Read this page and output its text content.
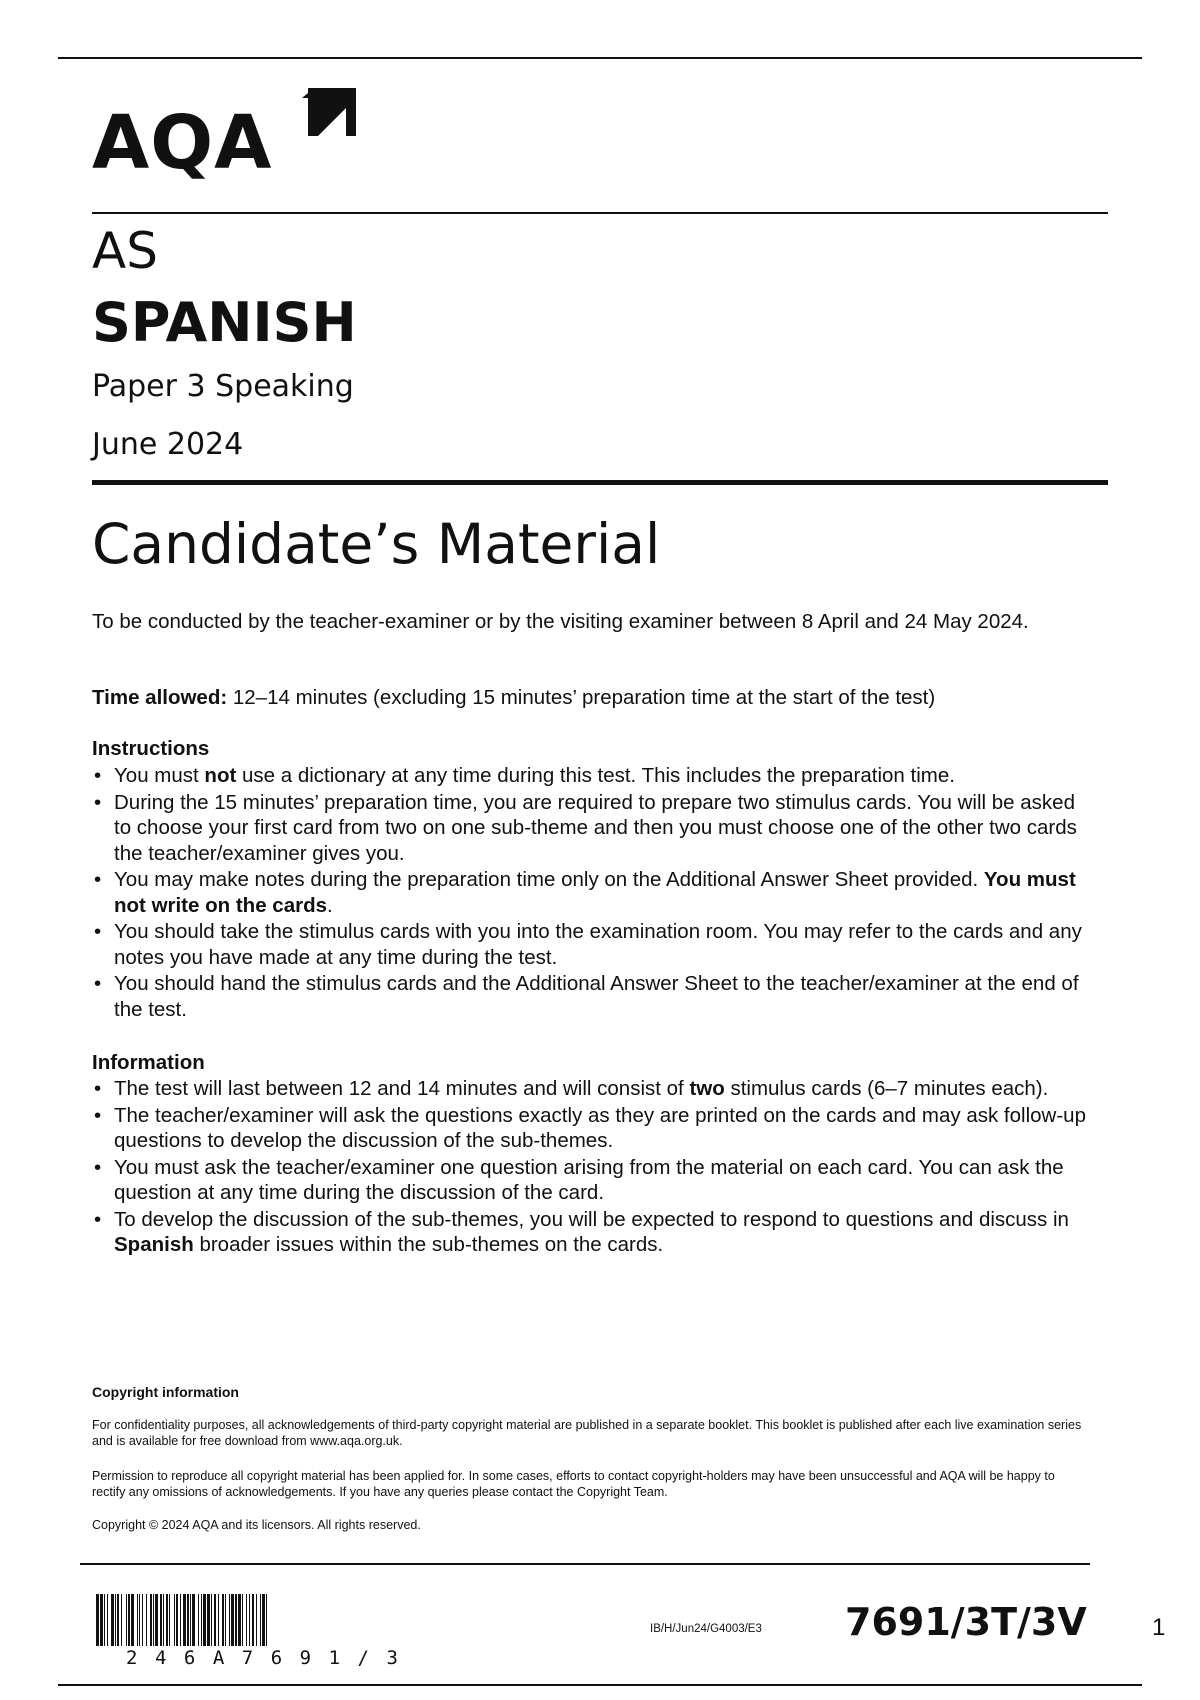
AQA
AS
SPANISH
Paper 3 Speaking
June 2024
Candidate’s Material
To be conducted by the teacher-examiner or by the visiting examiner between 8 April and 24 May 2024.
Time allowed: 12–14 minutes (excluding 15 minutes’ preparation time at the start of the test)
Instructions
• You must not use a dictionary at any time during this test. This includes the preparation time.
• During the 15 minutes’ preparation time, you are required to prepare two stimulus cards. You will be asked to choose your first card from two on one sub-theme and then you must choose one of the other two cards the teacher/examiner gives you.
• You may make notes during the preparation time only on the Additional Answer Sheet provided. You must not write on the cards.
• You should take the stimulus cards with you into the examination room. You may refer to the cards and any notes you have made at any time during the test.
• You should hand the stimulus cards and the Additional Answer Sheet to the teacher/examiner at the end of the test.
Information
• The test will last between 12 and 14 minutes and will consist of two stimulus cards (6–7 minutes each).
• The teacher/examiner will ask the questions exactly as they are printed on the cards and may ask follow-up questions to develop the discussion of the sub-themes.
• You must ask the teacher/examiner one question arising from the material on each card. You can ask the question at any time during the discussion of the card.
• To develop the discussion of the sub-themes, you will be expected to respond to questions and discuss in Spanish broader issues within the sub-themes on the cards.
Copyright information
For confidentiality purposes, all acknowledgements of third-party copyright material are published in a separate booklet. This booklet is published after each live examination series and is available for free download from www.aqa.org.uk.
Permission to reproduce all copyright material has been applied for. In some cases, efforts to contact copyright-holders may have been unsuccessful and AQA will be happy to rectify any omissions of acknowledgements. If you have any queries please contact the Copyright Team.
Copyright © 2024 AQA and its licensors. All rights reserved.
246A7691/3
IB/H/Jun24/G4003/E3 7691/3T/3V	1
